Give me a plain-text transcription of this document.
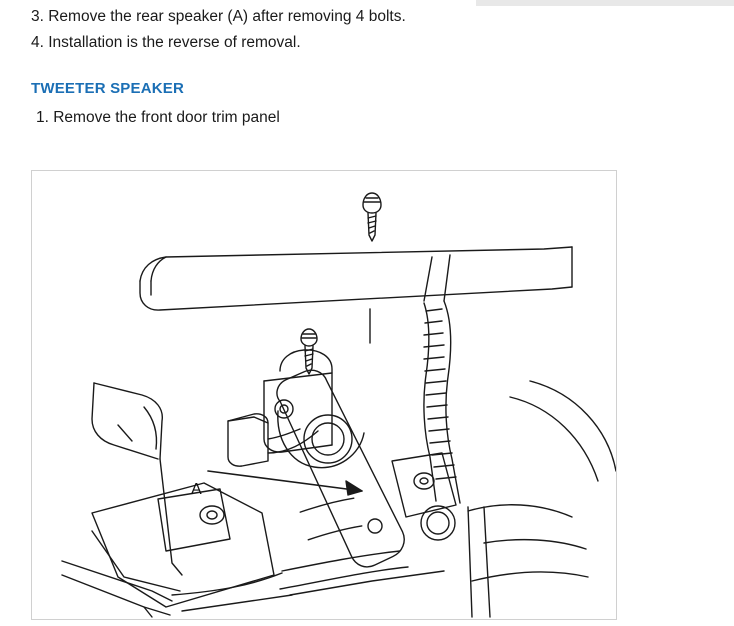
3. Remove the rear speaker (A) after removing 4 bolts.
4. Installation is the reverse of removal.
TWEETER SPEAKER
1. Remove the front door trim panel
A
